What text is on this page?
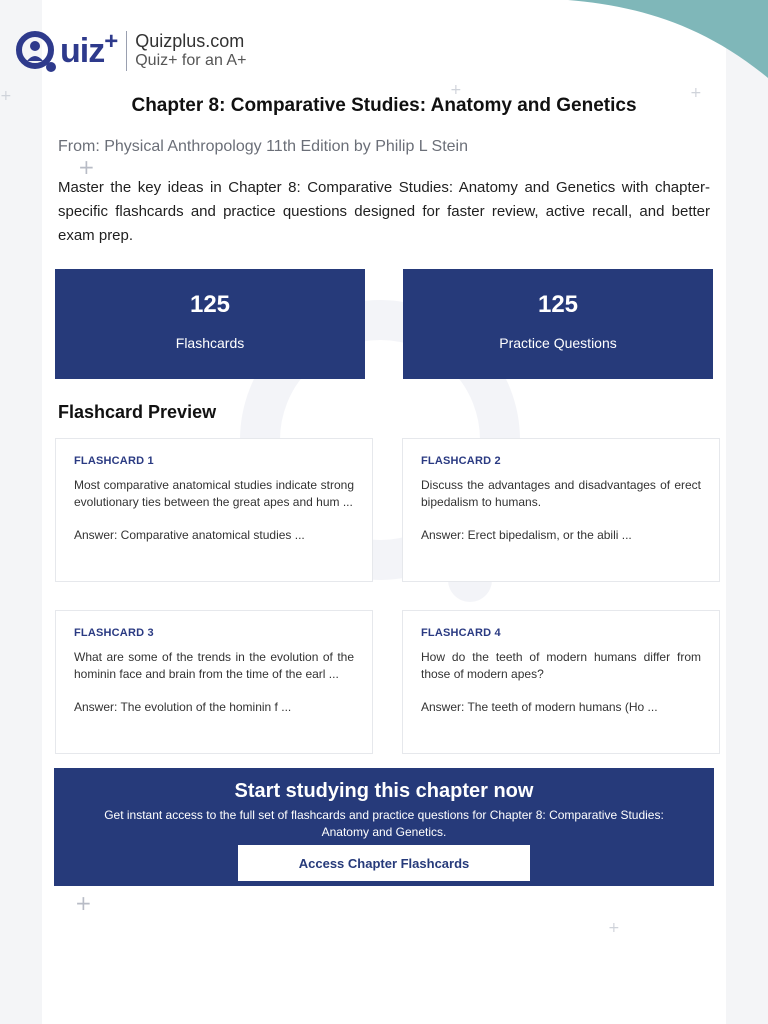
+
+
+	+
+
+
uiz + Quizplus.com
Quiz+ for an A+
Chapter 8: Comparative Studies: Anatomy and Genetics
From: Physical Anthropology 11th Edition by Philip L Stein
Master the key ideas in Chapter 8: Comparative Studies: Anatomy and Genetics with chapter-specific flashcards and practice questions designed for faster review, active recall, and better exam prep.
125
Flashcards
125
Practice Questions
Flashcard Preview
FLASHCARD 1
Most comparative anatomical studies indicate strong evolutionary ties between the great apes and hum ...
Answer: Comparative anatomical studies ...
FLASHCARD 2
Discuss the advantages and disadvantages of erect bipedalism to humans.
Answer: Erect bipedalism, or the abili ...
FLASHCARD 3
What are some of the trends in the evolution of the hominin face and brain from the time of the earl ...
Answer: The evolution of the hominin f ...
FLASHCARD 4
How do the teeth of modern humans differ from those of modern apes?
Answer: The teeth of modern humans (Ho ...
Start studying this chapter now
Get instant access to the full set of flashcards and practice questions for Chapter 8: Comparative Studies: Anatomy and Genetics.
Access Chapter Flashcards
